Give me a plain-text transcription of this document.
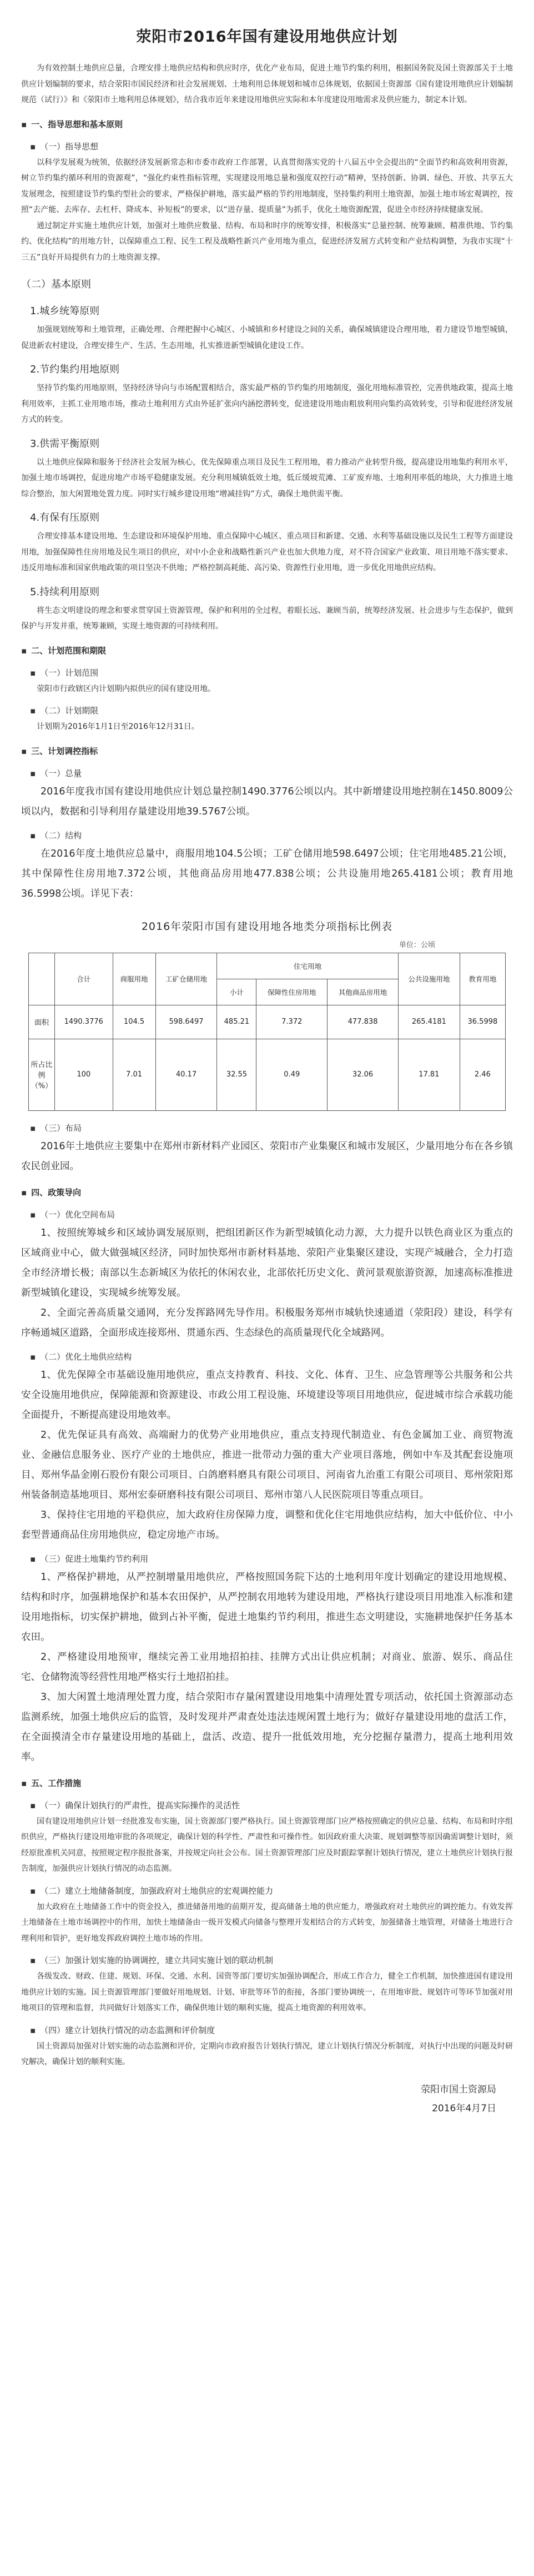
荥阳市2016年国有建设用地供应计划

为有效控制土地供应总量，合理安排土地供应结构和供应时序，优化产业布局，促进土地节约集约利用，根据国务院及国土资源部关于土地供应计划编制的要求，结合荥阳市国民经济和社会发展规划、土地利用总体规划和城市总体规划，依据国土资源部《国有建设用地供应计划编制规范（试行）》和《荥阳市土地利用总体规划》，结合我市近年来建设用地供应实际和本年度建设用地需求及供应能力，制定本计划。

▪ 一、指导思想和基本原则

▪ （一）指导思想

以科学发展观为统领，依据经济发展新常态和市委市政府工作部署，认真贯彻落实党的十八届五中全会提出的“全面节约和高效利用资源，树立节约集约循环利用的资源观”，“强化约束性指标管理，实现建设用地总量和强度双控行动”精神，坚持创新、协调、绿色、开放、共享五大发展理念，按照建设节约集约型社会的要求，严格保护耕地，落实最严格的节约用地制度，坚持集约利用土地资源，加强土地市场宏观调控，按照“去产能、去库存、去杠杆、降成本、补短板”的要求，以“进存量、提质量”为抓手，优化土地资源配置，促进全市经济持续健康发展。

通过制定并实施土地供应计划，加强对土地供应数量、结构、布局和时序的统筹安排，积极落实“总量控制、统筹兼顾、精准供地、节约集约、优化结构”的用地方针，以保障重点工程、民生工程及战略性新兴产业用地为重点，促进经济发展方式转变和产业结构调整，为我市实现“十三五”良好开局提供有力的土地资源支撑。

（二）基本原则

1.城乡统筹原则

加强规划统筹和土地管理，正确处理、合理把握中心城区、小城镇和乡村建设之间的关系，确保城镇建设合理用地，着力建设节地型城镇，促进新农村建设，合理安排生产、生活、生态用地，扎实推进新型城镇化建设工作。

2.节约集约用地原则

坚持节约集约用地原则，坚持经济导向与市场配置相结合，落实最严格的节约集约用地制度，强化用地标准管控，完善供地政策，提高土地利用效率，主抓工业用地市场，推动土地利用方式由外延扩张向内涵挖潜转变，促进建设用地由粗放利用向集约高效转变，引导和促进经济发展方式的转变。

3.供需平衡原则

以土地供应保障和服务于经济社会发展为核心，优先保障重点项目及民生工程用地，着力推动产业转型升级，提高建设用地集约利用水平，加强土地市场调控，促进房地产市场平稳健康发展。充分利用城镇低效土地，低丘缓坡荒滩、工矿废弃地、土地利用率低的地块，大力推进土地综合整治，加大闲置地处置力度。同时实行城乡建设用地“增减挂钩”方式，确保土地供需平衡。

4.有保有压原则

合理安排基本建设用地、生态建设和环境保护用地、重点保障中心城区、重点项目和新建、交通、水利等基础设施以及民生工程等方面建设用地，加强保障性住房用地及民生项目的供应，对中小企业和战略性新兴产业也加大供地力度，对不符合国家产业政策、项目用地不落实要求、违反用地标准和国家供地政策的项目坚决不供地；严格控制高耗能、高污染、资源性行业用地，进一步优化用地供应结构。

5.持续利用原则

将生态文明建设的理念和要求贯穿国土资源管理，保护和利用的全过程，着眼长远、兼顾当前，统筹经济发展、社会进步与生态保护，做到保护与开发并重，统筹兼顾，实现土地资源的可持续利用。

▪ 二、计划范围和期限

▪ （一）计划范围

荥阳市行政辖区内计划期内拟供应的国有建设用地。

▪ （二）计划期限

计划期为2016年1月1日至2016年12月31日。

▪ 三、计划调控指标

▪ （一）总量

2016年度我市国有建设用地供应计划总量控制1490.3776公顷以内。其中新增建设用地控制在1450.8009公顷以内，数据和引导利用存量建设用地39.5767公顷。

▪ （二）结构

在2016年度土地供应总量中，商服用地104.5公顷；工矿仓储用地598.6497公顷；住宅用地485.21公顷，其中保障性住房用地7.372公顷，其他商品房用地477.838公顷；公共设施用地265.4181公顷；教育用地36.5998公顷。详见下表：

2016年荥阳市国有建设用地各地类分项指标比例表
单位：公顷
	合计	商服用地	工矿仓储用地	住宅用地			公共设施用地	教育用地
				小计	保障性住房用地	其他商品房用地		
面积	1490.3776	104.5	598.6497	485.21	7.372	477.838	265.4181	36.5998
所占比例（%）	100	7.01	40.17	32.55	0.49	32.06	17.81	2.46

▪ （三）布局

2016年土地供应主要集中在郑州市新材料产业园区、荥阳市产业集聚区和城市发展区，少量用地分布在各乡镇农民创业园。

▪ 四、政策导向

▪ （一）优化空间布局

1、按照统筹城乡和区域协调发展原则，把组团新区作为新型城镇化动力源，大力提升以铁色商业区为重点的区域商业中心，做大做强城区经济，同时加快郑州市新材料基地、荥阳产业集聚区建设，实现产城融合，全力打造全市经济增长极；南部以生态新城区为依托的休闲农业，北部依托历史文化、黄河景观旅游资源，加速高标准推进新型城镇化建设，实现城乡统筹发展。

2、全面完善高质量交通网，充分发挥路网先导作用。积极服务郑州市城轨快速通道（荥阳段）建设，科学有序畅通城区道路，全面形成连接郑州、贯通东西、生态绿色的高质量现代化全域路网。

▪ （二）优化土地供应结构

1、优先保障全市基础设施用地供应，重点支持教育、科技、文化、体育、卫生、应急管理等公共服务和公共安全设施用地供应，保障能源和资源建设、市政公用工程设施、环境建设等项目用地供应，促进城市综合承载功能全面提升，不断提高建设用地效率。

2、优先保证具有高效、高端耐力的优势产业用地供应，重点支持现代制造业、有色金属加工业、商贸物流业、金融信息服务业、医疗产业的土地供应，推进一批带动力强的重大产业项目落地，例如中车及其配套设施项目、郑州华晶金刚石股份有限公司项目、白鸽磨料磨具有限公司项目、河南省九治重工有限公司项目、郑州荥阳郑州装备制造基地项目、郑州宏泰研磨科技有限公司项目、郑州市第八人民医院项目等重点项目。

3、保持住宅用地的平稳供应，加大政府住房保障力度，调整和优化住宅用地供应结构，加大中低价位、中小套型普通商品住房用地供应，稳定房地产市场。

▪ （三）促进土地集约节约利用

1、严格保护耕地，从严控制增量用地供应，严格按照国务院下达的土地利用年度计划确定的建设用地规模、结构和时序，加强耕地保护和基本农田保护，从严控制农用地转为建设用地，严格执行建设项目用地准入标准和建设用地指标，切实保护耕地，做到占补平衡，促进土地集约节约利用，推进生态文明建设，实施耕地保护任务基本农田。

2、严格建设用地预审，继续完善工业用地招拍挂、挂牌方式出让供应机制；对商业、旅游、娱乐、商品住宅、仓储物流等经营性用地严格实行土地招拍挂。

3、加大闲置土地清理处置力度，结合荥阳市存量闲置建设用地集中清理处置专项活动，依托国土资源部动态监测系统，加强土地供应后的监管，及时发现并严肃查处违法违规闲置土地行为；做好存量建设用地的盘活工作，在全面摸清全市存量建设用地的基础上，盘活、改造、提升一批低效用地，充分挖掘存量潜力，提高土地利用效率。

▪ 五、工作措施

▪ （一）确保计划执行的严肃性，提高实际操作的灵活性

国有建设用地供应计划一经批准发布实施，国土资源部门要严格执行。国土资源管理部门应严格按照确定的供应总量、结构、布局和时序组织供应，严格执行建设用地审批的各项规定，确保计划的科学性、严肃性和可操作性。如因政府重大决策、规划调整等原因确需调整计划时，须经原批准机关同意，按照规定程序报批备案，并按规定向社会公布。国土资源管理部门应及时跟踪掌握计划执行情况，建立土地供应计划执行报告制度，加强供应计划执行情况的动态监测。

▪ （二）建立土地储备制度，加强政府对土地供应的宏观调控能力

加大政府在土地储备工作中的资金投入，推进储备用地的前期开发，提高储备土地的供应能力，增强政府对土地供应的调控能力。有效发挥土地储备在土地市场调控中的作用，加快土地储备由一级开发模式向储备与整理开发相结合的方式转变，加强储备土地管理，对储备土地进行合理利用和管护，更好地发挥政府调控土地市场的作用。

▪ （三）加强计划实施的协调调控，建立共同实施计划的联动机制

各级发改、财政、住建、规划、环保、交通、水利、国资等部门要切实加强协调配合，形成工作合力，健全工作机制，加快推进国有建设用地供应计划的实施。国土资源管理部门要做好用地规划、计划、审批等环节的衔接，各部门要协调统一，在用地审批、规划许可等环节加强对用地项目的管理和监督，共同做好计划落实工作，确保供地计划的顺利实施，提高土地资源的利用效率。

▪ （四）建立计划执行情况的动态监测和评价制度

国土资源局加强对计划实施的动态监测和评价，定期向市政府报告计划执行情况，建立计划执行情况分析制度，对执行中出现的问题及时研究解决，确保计划的顺利实施。

荥阳市国土资源局
2016年4月7日
